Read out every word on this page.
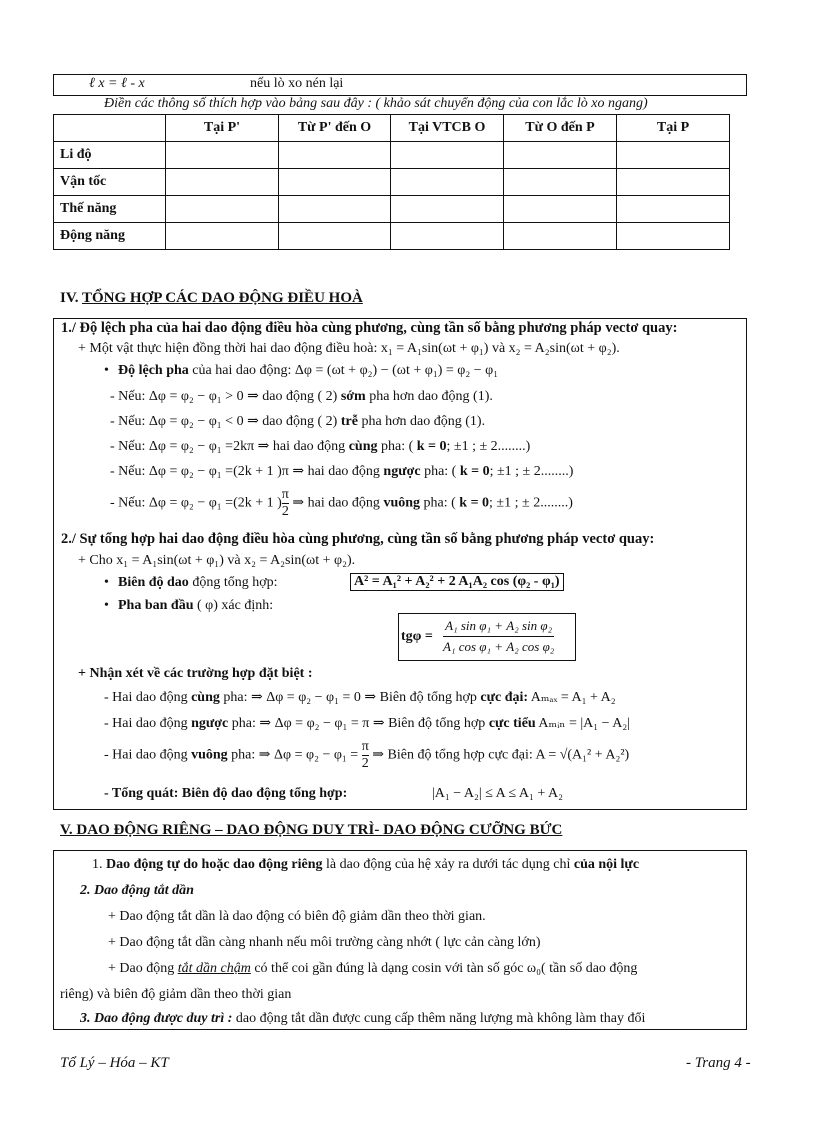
ℓ x = ℓ - x	nếu lò xo nén lại
Điền các thông số thích hợp vào bảng sau đây : ( khảo sát chuyển động của con lắc lò xo ngang)
	Tại P'	Từ P' đến O	Tại VTCB O	Từ O đến P	Tại P
Li độ					
Vận tốc					
Thế năng					
Động năng					
IV. TỔNG HỢP CÁC DAO ĐỘNG ĐIỀU HOÀ
1./ Độ lệch pha của hai dao động điều hòa cùng phương, cùng tần số bằng phương pháp vectơ quay:
+ Một vật thực hiện đồng thời hai dao động điều hoà: x₁ = A₁sin(ωt + φ₁) và x₂ = A₂sin(ωt + φ₂).
• Độ lệch pha của hai dao động: Δφ = (ωt + φ₂) − (ωt + φ₁) = φ₂ − φ₁
- Nếu: Δφ = φ₂ − φ₁ > 0 ⇒ dao động ( 2) sớm pha hơn dao động (1).
- Nếu: Δφ = φ₂ − φ₁ < 0 ⇒ dao động ( 2) trễ pha hơn dao động (1).
- Nếu: Δφ = φ₂ − φ₁ =2kπ ⇒ hai dao động cùng pha: ( k = 0; ±1 ; ± 2........)
- Nếu: Δφ = φ₂ − φ₁ =(2k + 1 )π ⇒ hai dao động ngược pha: ( k = 0; ±1 ; ± 2........)
- Nếu: Δφ = φ₂ − φ₁ =(2k + 1 ) $\frac{\pi}{2}$ ⇒ hai dao động vuông pha: ( k = 0; ±1 ; ± 2........)
2./ Sự tổng hợp hai dao động điều hòa cùng phương, cùng tần số bằng phương pháp vectơ quay:
+ Cho x₁ = A₁sin(ωt + φ₁) và x₂ = A₂sin(ωt + φ₂).
• Biên độ dao động tổng hợp:	A² = A₁² + A₂² + 2 A₁A₂ cos (φ₂ - φ₁)
• Pha ban đầu ( φ) xác định:
$tg\varphi = \frac{\text{A₁ sin φ₁ + A₂ sin φ₂}}{\text{A₁ cos φ₁ + A₂ cos φ₂}}$
+ Nhận xét về các trường hợp đặt biệt :
- Hai dao động cùng pha: ⇒ Δφ = φ₂ − φ₁ = 0 ⇒ Biên độ tổng hợp cực đại: Aₘₐₓ = A₁ + A₂
- Hai dao động ngược pha: ⇒ Δφ = φ₂ − φ₁ = π ⇒ Biên độ tổng hợp cực tiểu Aₘᵢₙ = |A₁ − A₂|
- Hai dao động vuông pha: ⇒ $\Delta\varphi = \varphi_2 - \varphi_1 = \frac{\pi}{2}$ ⇒ Biên độ tổng hợp cực đại: A = √(A₁² + A₂²)
- Tổng quát: Biên độ dao động tổng hợp:	|A₁ − A₂| ≤ A ≤ A₁ + A₂
V. DAO ĐỘNG RIÊNG – DAO ĐỘNG DUY TRÌ- DAO ĐỘNG CƯỠNG BỨC
1. Dao động tự do hoặc dao động riêng là dao động của hệ xảy ra dưới tác dụng chỉ của nội lực
2. Dao động tắt dần
+ Dao động tắt dần là dao động có biên độ giảm dần theo thời gian.
+ Dao động tắt dần càng nhanh nếu môi trường càng nhớt ( lực cản càng lớn)
+ Dao động tắt dần chậm có thể coi gần đúng là dạng cosin với tàn số góc ω₀( tần số dao động
riêng) và biên độ giảm dần theo thời gian
3. Dao động được duy trì : dao động tắt dần được cung cấp thêm năng lượng mà không làm thay đổi
Tổ Lý – Hóa – KT	- Trang 4 -
